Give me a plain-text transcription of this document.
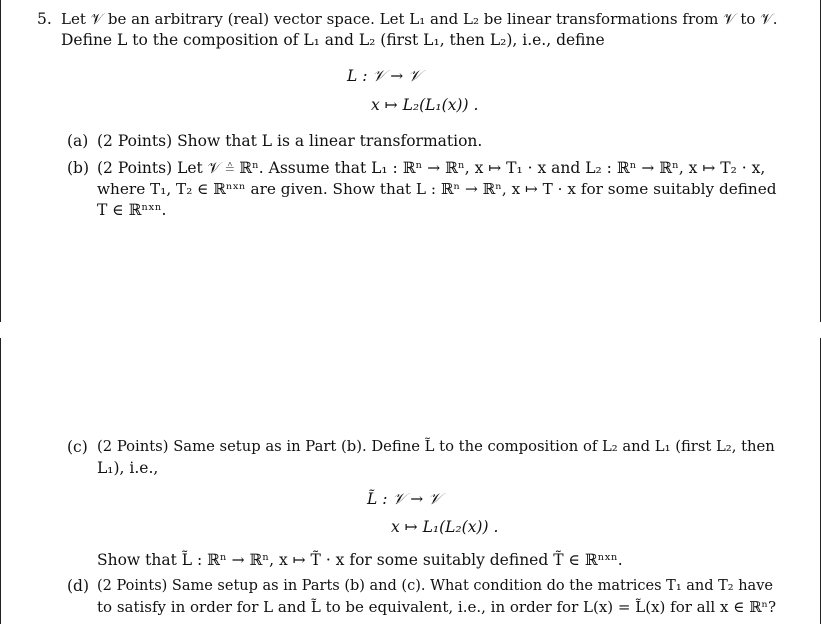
5. Let 𝒱 be an arbitrary (real) vector space. Let L₁ and L₂ be linear transformations from 𝒱 to 𝒱.
Define L to the composition of L₁ and L₂ (first L₁, then L₂), i.e., define
L : 𝒱 → 𝒱
x ↦ L₂(L₁(x)) .
(a) (2 Points) Show that L is a linear transformation.
(b) (2 Points) Let 𝒱 ≙ ℝⁿ. Assume that L₁ : ℝⁿ → ℝⁿ, x ↦ T₁ · x and L₂ : ℝⁿ → ℝⁿ, x ↦ T₂ · x,
where T₁, T₂ ∈ ℝⁿˣⁿ are given. Show that L : ℝⁿ → ℝⁿ, x ↦ T · x for some suitably defined
T ∈ ℝⁿˣⁿ.
(c) (2 Points) Same setup as in Part (b). Define L̃ to the composition of L₂ and L₁ (first L₂, then
L₁), i.e.,
L̃ : 𝒱 → 𝒱
x ↦ L₁(L₂(x)) .
Show that L̃ : ℝⁿ → ℝⁿ, x ↦ T̃ · x for some suitably defined T̃ ∈ ℝⁿˣⁿ.
(d) (2 Points) Same setup as in Parts (b) and (c). What condition do the matrices T₁ and T₂ have
to satisfy in order for L and L̃ to be equivalent, i.e., in order for L(x) = L̃(x) for all x ∈ ℝⁿ?
